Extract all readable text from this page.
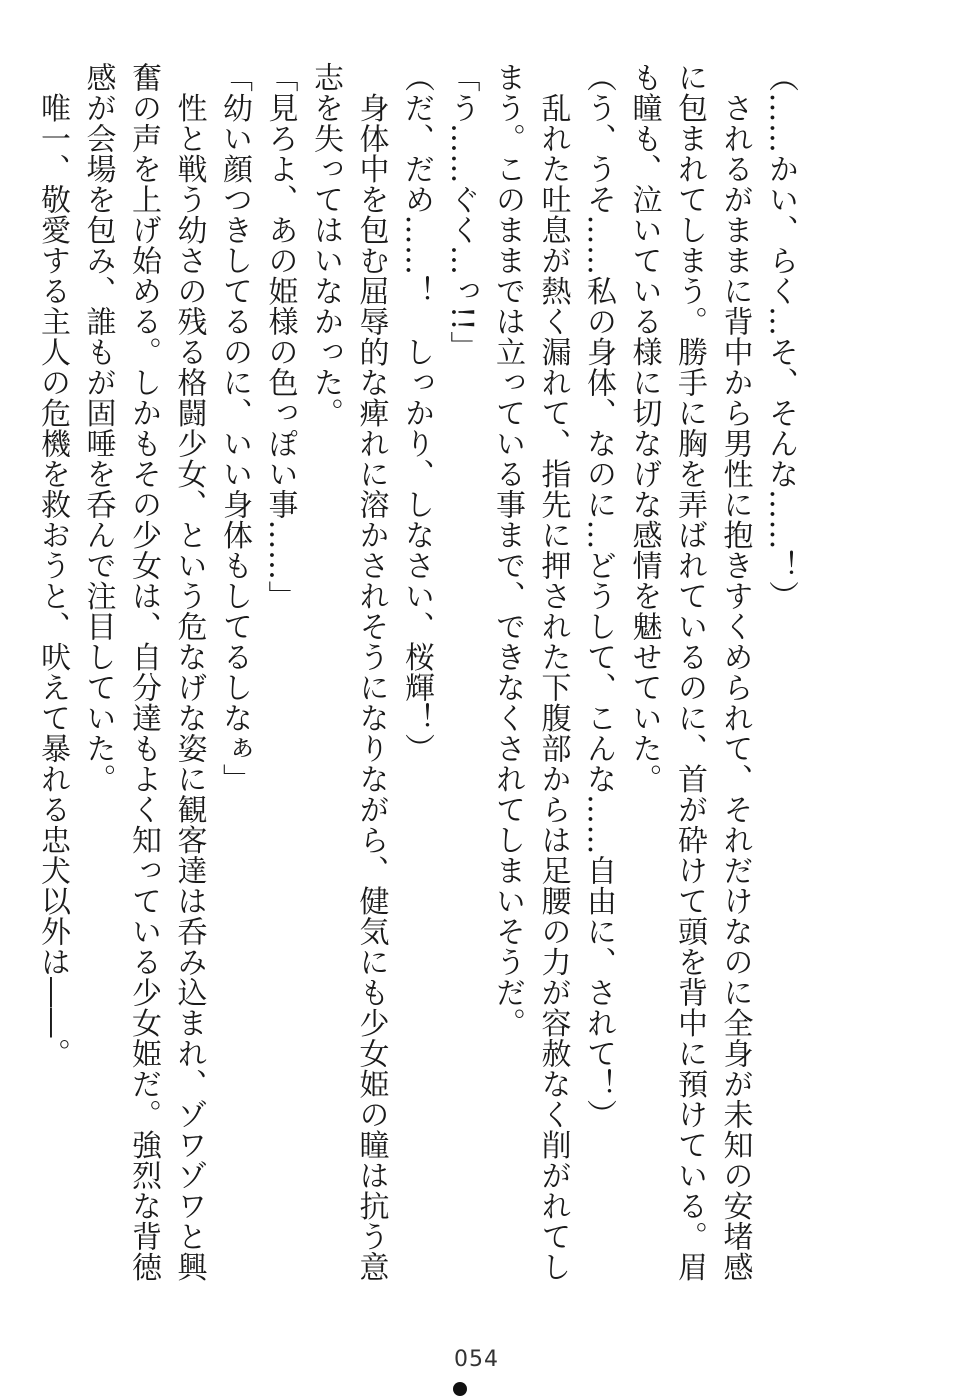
（……かい、らく…そ、そんな……！）
　されるがままに背中から男性に抱きすくめられて、それだけなのに全身が未知の安堵感
に包まれてしまう。勝手に胸を弄ばれているのに、首が砕けて頭を背中に預けている。眉
も瞳も、泣いている様に切なげな感情を魅せていた。
（う、うそ……私の身体、なのに…どうして、こんな……自由に、されて！）
　乱れた吐息が熱く漏れて、指先に押された下腹部からは足腰の力が容赦なく削がれてし
まう。このままでは立っている事まで、できなくされてしまいそうだ。
「う……ぐく…っ!!」
（だ、だめ……！　しっかり、しなさい、桜輝！）
　身体中を包む屈辱的な痺れに溶かされそうになりながら、健気にも少女姫の瞳は抗う意
志を失ってはいなかった。
「見ろよ、あの姫様の色っぽい事……」
「幼い顔つきしてるのに、いい身体もしてるしなぁ」
　性と戦う幼さの残る格闘少女、という危なげな姿に観客達は呑み込まれ、ゾワゾワと興
奮の声を上げ始める。しかもその少女は、自分達もよく知っている少女姫だ。強烈な背徳
感が会場を包み、誰もが固唾を呑んで注目していた。
　唯一、敬愛する主人の危機を救おうと、吠えて暴れる忠犬以外は――。
054
